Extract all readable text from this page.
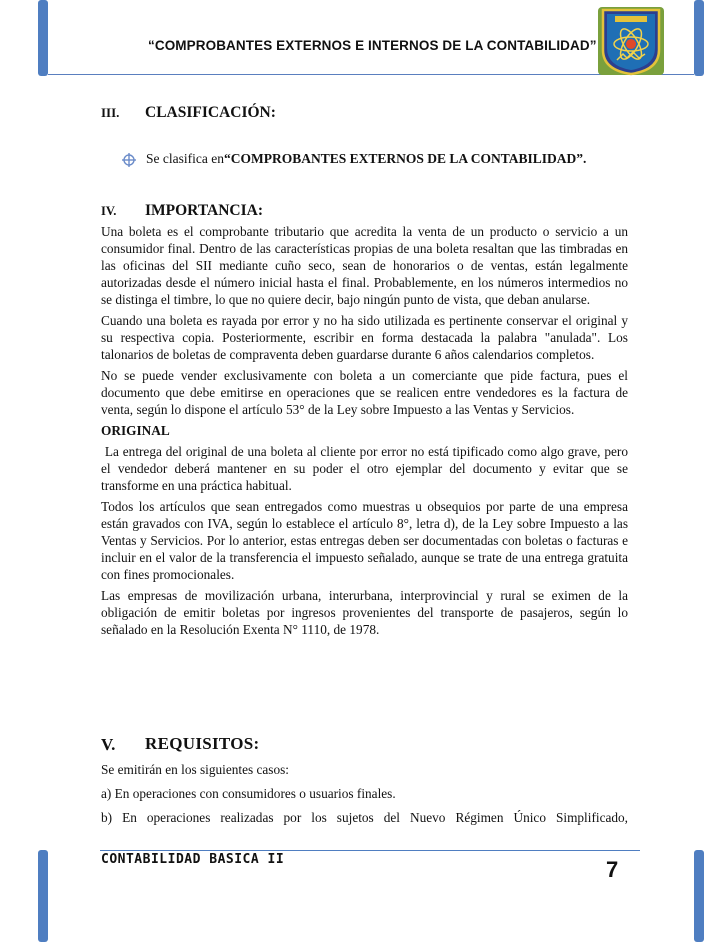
“COMPROBANTES EXTERNOS E INTERNOS DE LA CONTABILIDAD”
III. CLASIFICACIÓN:
Se clasifica en“COMPROBANTES EXTERNOS DE LA CONTABILIDAD”.
IV. IMPORTANCIA:

Una boleta es el comprobante tributario que acredita la venta de un producto o servicio a un consumidor final. Dentro de las características propias de una boleta resaltan que las timbradas en las oficinas del SII mediante cuño seco, sean de honorarios o de ventas, están legalmente autorizadas desde el número inicial hasta el final. Probablemente, en los números intermedios no se distinga el timbre, lo que no quiere decir, bajo ningún punto de vista, que deban anularse.

Cuando una boleta es rayada por error y no ha sido utilizada es pertinente conservar el original y su respectiva copia. Posteriormente, escribir en forma destacada la palabra "anulada". Los talonarios de boletas de compraventa deben guardarse durante 6 años calendarios completos.

No se puede vender exclusivamente con boleta a un comerciante que pide factura, pues el documento que debe emitirse en operaciones que se realicen entre vendedores es la factura de venta, según lo dispone el artículo 53° de la Ley sobre Impuesto a las Ventas y Servicios.

ORIGINAL

La entrega del original de una boleta al cliente por error no está tipificado como algo grave, pero el vendedor deberá mantener en su poder el otro ejemplar del documento y evitar que se transforme en una práctica habitual.

Todos los artículos que sean entregados como muestras u obsequios por parte de una empresa están gravados con IVA, según lo establece el artículo 8°, letra d), de la Ley sobre Impuesto a las Ventas y Servicios. Por lo anterior, estas entregas deben ser documentadas con boletas o facturas e incluir en el valor de la transferencia el impuesto señalado, aunque se trate de una entrega gratuita con fines promocionales.

Las empresas de movilización urbana, interurbana, interprovincial y rural se eximen de la obligación de emitir boletas por ingresos provenientes del transporte de pasajeros, según lo señalado en la Resolución Exenta N° 1110, de 1978.

V. REQUISITOS:

Se emitirán en los siguientes casos:

a) En operaciones con consumidores o usuarios finales.

b) En operaciones realizadas por los sujetos del Nuevo Régimen Único Simplificado,

CONTABILIDAD BASICA II	7
